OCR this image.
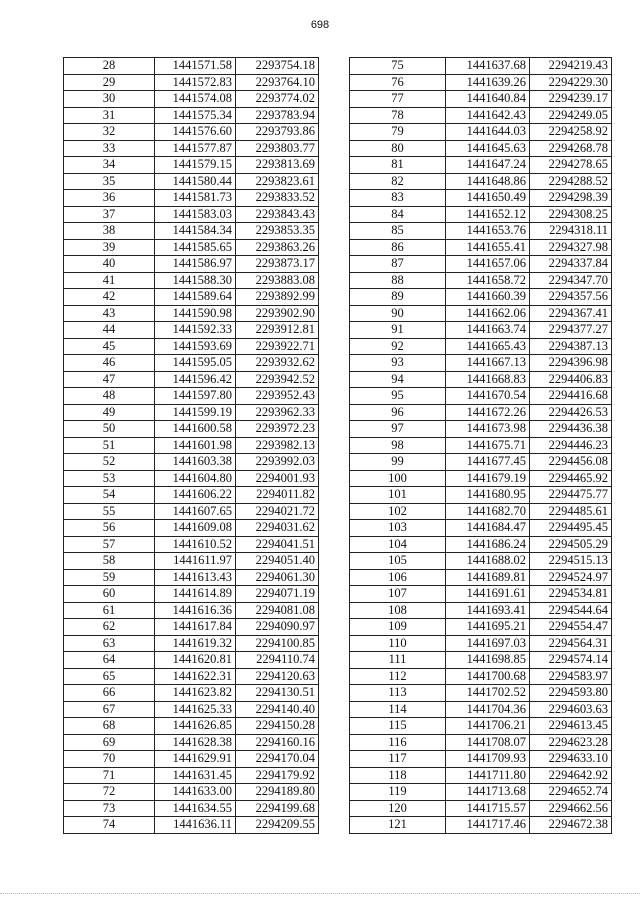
698
28	1441571.58	2293754.18
29	1441572.83	2293764.10
30	1441574.08	2293774.02
31	1441575.34	2293783.94
32	1441576.60	2293793.86
33	1441577.87	2293803.77
34	1441579.15	2293813.69
35	1441580.44	2293823.61
36	1441581.73	2293833.52
37	1441583.03	2293843.43
38	1441584.34	2293853.35
39	1441585.65	2293863.26
40	1441586.97	2293873.17
41	1441588.30	2293883.08
42	1441589.64	2293892.99
43	1441590.98	2293902.90
44	1441592.33	2293912.81
45	1441593.69	2293922.71
46	1441595.05	2293932.62
47	1441596.42	2293942.52
48	1441597.80	2293952.43
49	1441599.19	2293962.33
50	1441600.58	2293972.23
51	1441601.98	2293982.13
52	1441603.38	2293992.03
53	1441604.80	2294001.93
54	1441606.22	2294011.82
55	1441607.65	2294021.72
56	1441609.08	2294031.62
57	1441610.52	2294041.51
58	1441611.97	2294051.40
59	1441613.43	2294061.30
60	1441614.89	2294071.19
61	1441616.36	2294081.08
62	1441617.84	2294090.97
63	1441619.32	2294100.85
64	1441620.81	2294110.74
65	1441622.31	2294120.63
66	1441623.82	2294130.51
67	1441625.33	2294140.40
68	1441626.85	2294150.28
69	1441628.38	2294160.16
70	1441629.91	2294170.04
71	1441631.45	2294179.92
72	1441633.00	2294189.80
73	1441634.55	2294199.68
74	1441636.11	2294209.55
75	1441637.68	2294219.43
76	1441639.26	2294229.30
77	1441640.84	2294239.17
78	1441642.43	2294249.05
79	1441644.03	2294258.92
80	1441645.63	2294268.78
81	1441647.24	2294278.65
82	1441648.86	2294288.52
83	1441650.49	2294298.39
84	1441652.12	2294308.25
85	1441653.76	2294318.11
86	1441655.41	2294327.98
87	1441657.06	2294337.84
88	1441658.72	2294347.70
89	1441660.39	2294357.56
90	1441662.06	2294367.41
91	1441663.74	2294377.27
92	1441665.43	2294387.13
93	1441667.13	2294396.98
94	1441668.83	2294406.83
95	1441670.54	2294416.68
96	1441672.26	2294426.53
97	1441673.98	2294436.38
98	1441675.71	2294446.23
99	1441677.45	2294456.08
100	1441679.19	2294465.92
101	1441680.95	2294475.77
102	1441682.70	2294485.61
103	1441684.47	2294495.45
104	1441686.24	2294505.29
105	1441688.02	2294515.13
106	1441689.81	2294524.97
107	1441691.61	2294534.81
108	1441693.41	2294544.64
109	1441695.21	2294554.47
110	1441697.03	2294564.31
111	1441698.85	2294574.14
112	1441700.68	2294583.97
113	1441702.52	2294593.80
114	1441704.36	2294603.63
115	1441706.21	2294613.45
116	1441708.07	2294623.28
117	1441709.93	2294633.10
118	1441711.80	2294642.92
119	1441713.68	2294652.74
120	1441715.57	2294662.56
121	1441717.46	2294672.38
